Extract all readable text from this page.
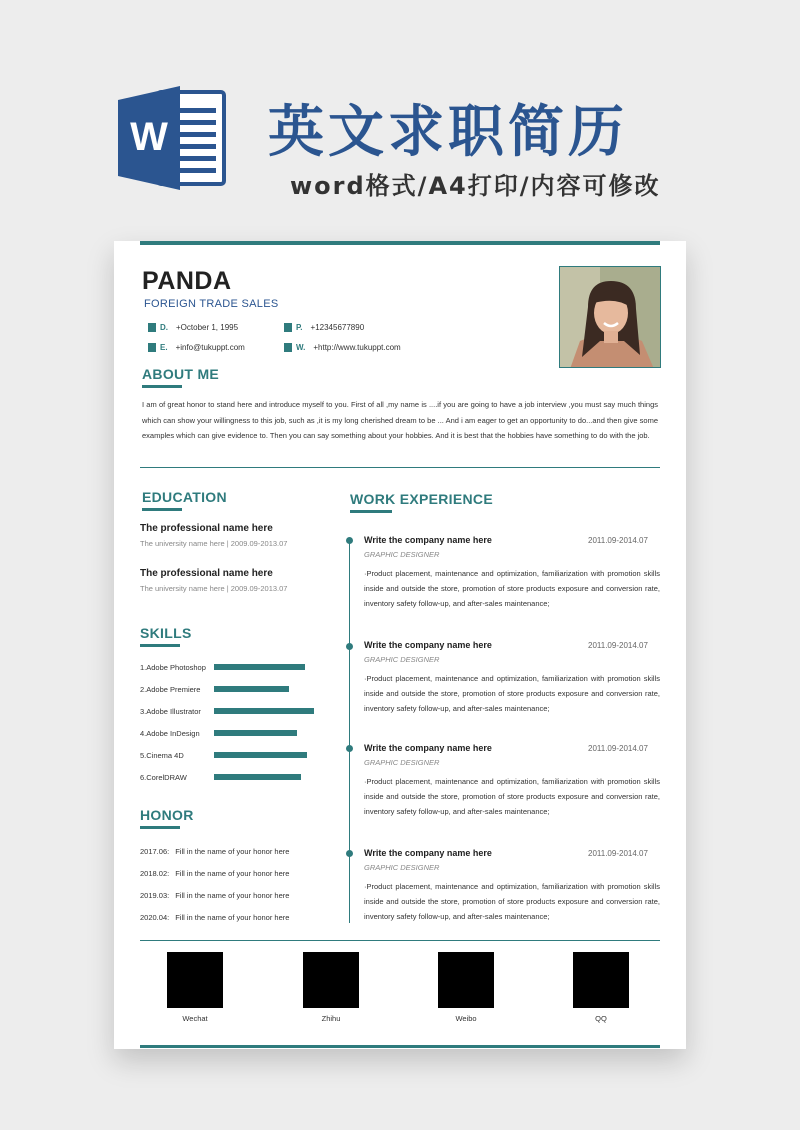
W 英文求职简历
word格式/A4打印/内容可修改
PANDA
FOREIGN TRADE SALES
D. +October 1, 1995	P. +12345677890
E. +info@tukuppt.com	W. +http://www.tukuppt.com
ABOUT ME
I am of great honor to stand here and introduce myself to you. First of all ,my name is ....if you are going to have a job interview ,you must say much things which can show your willingness to this job, such as ,it is my long cherished dream to be ... And i am eager to get an opportunity to do...and then give some examples which can give evidence to. Then you can say something about your hobbies. And it is best that the hobbies have something to do with the job.
EDUCATION
The professional name here
The university name here | 2009.09-2013.07
The professional name here
The university name here | 2009.09-2013.07
SKILLS
1.Adobe Photoshop
2.Adobe Premiere
3.Adobe Illustrator
4.Adobe InDesign
5.Cinema 4D
6.CorelDRAW
HONOR
2017.06: Fill in the name of your honor here
2018.02: Fill in the name of your honor here
2019.03: Fill in the name of your honor here
2020.04: Fill in the name of your honor here
WORK EXPERIENCE
Write the company name here	2011.09-2014.07
GRAPHIC DESIGNER
·Product placement, maintenance and optimization, familiarization with promotion skills inside and outside the store, promotion of store products exposure and conversion rate, inventory safety follow-up, and after-sales maintenance;
Write the company name here	2011.09-2014.07
GRAPHIC DESIGNER
·Product placement, maintenance and optimization, familiarization with promotion skills inside and outside the store, promotion of store products exposure and conversion rate, inventory safety follow-up, and after-sales maintenance;
Write the company name here	2011.09-2014.07
GRAPHIC DESIGNER
·Product placement, maintenance and optimization, familiarization with promotion skills inside and outside the store, promotion of store products exposure and conversion rate, inventory safety follow-up, and after-sales maintenance;
Write the company name here	2011.09-2014.07
GRAPHIC DESIGNER
·Product placement, maintenance and optimization, familiarization with promotion skills inside and outside the store, promotion of store products exposure and conversion rate, inventory safety follow-up, and after-sales maintenance;
Wechat	Zhihu	Weibo	QQ
